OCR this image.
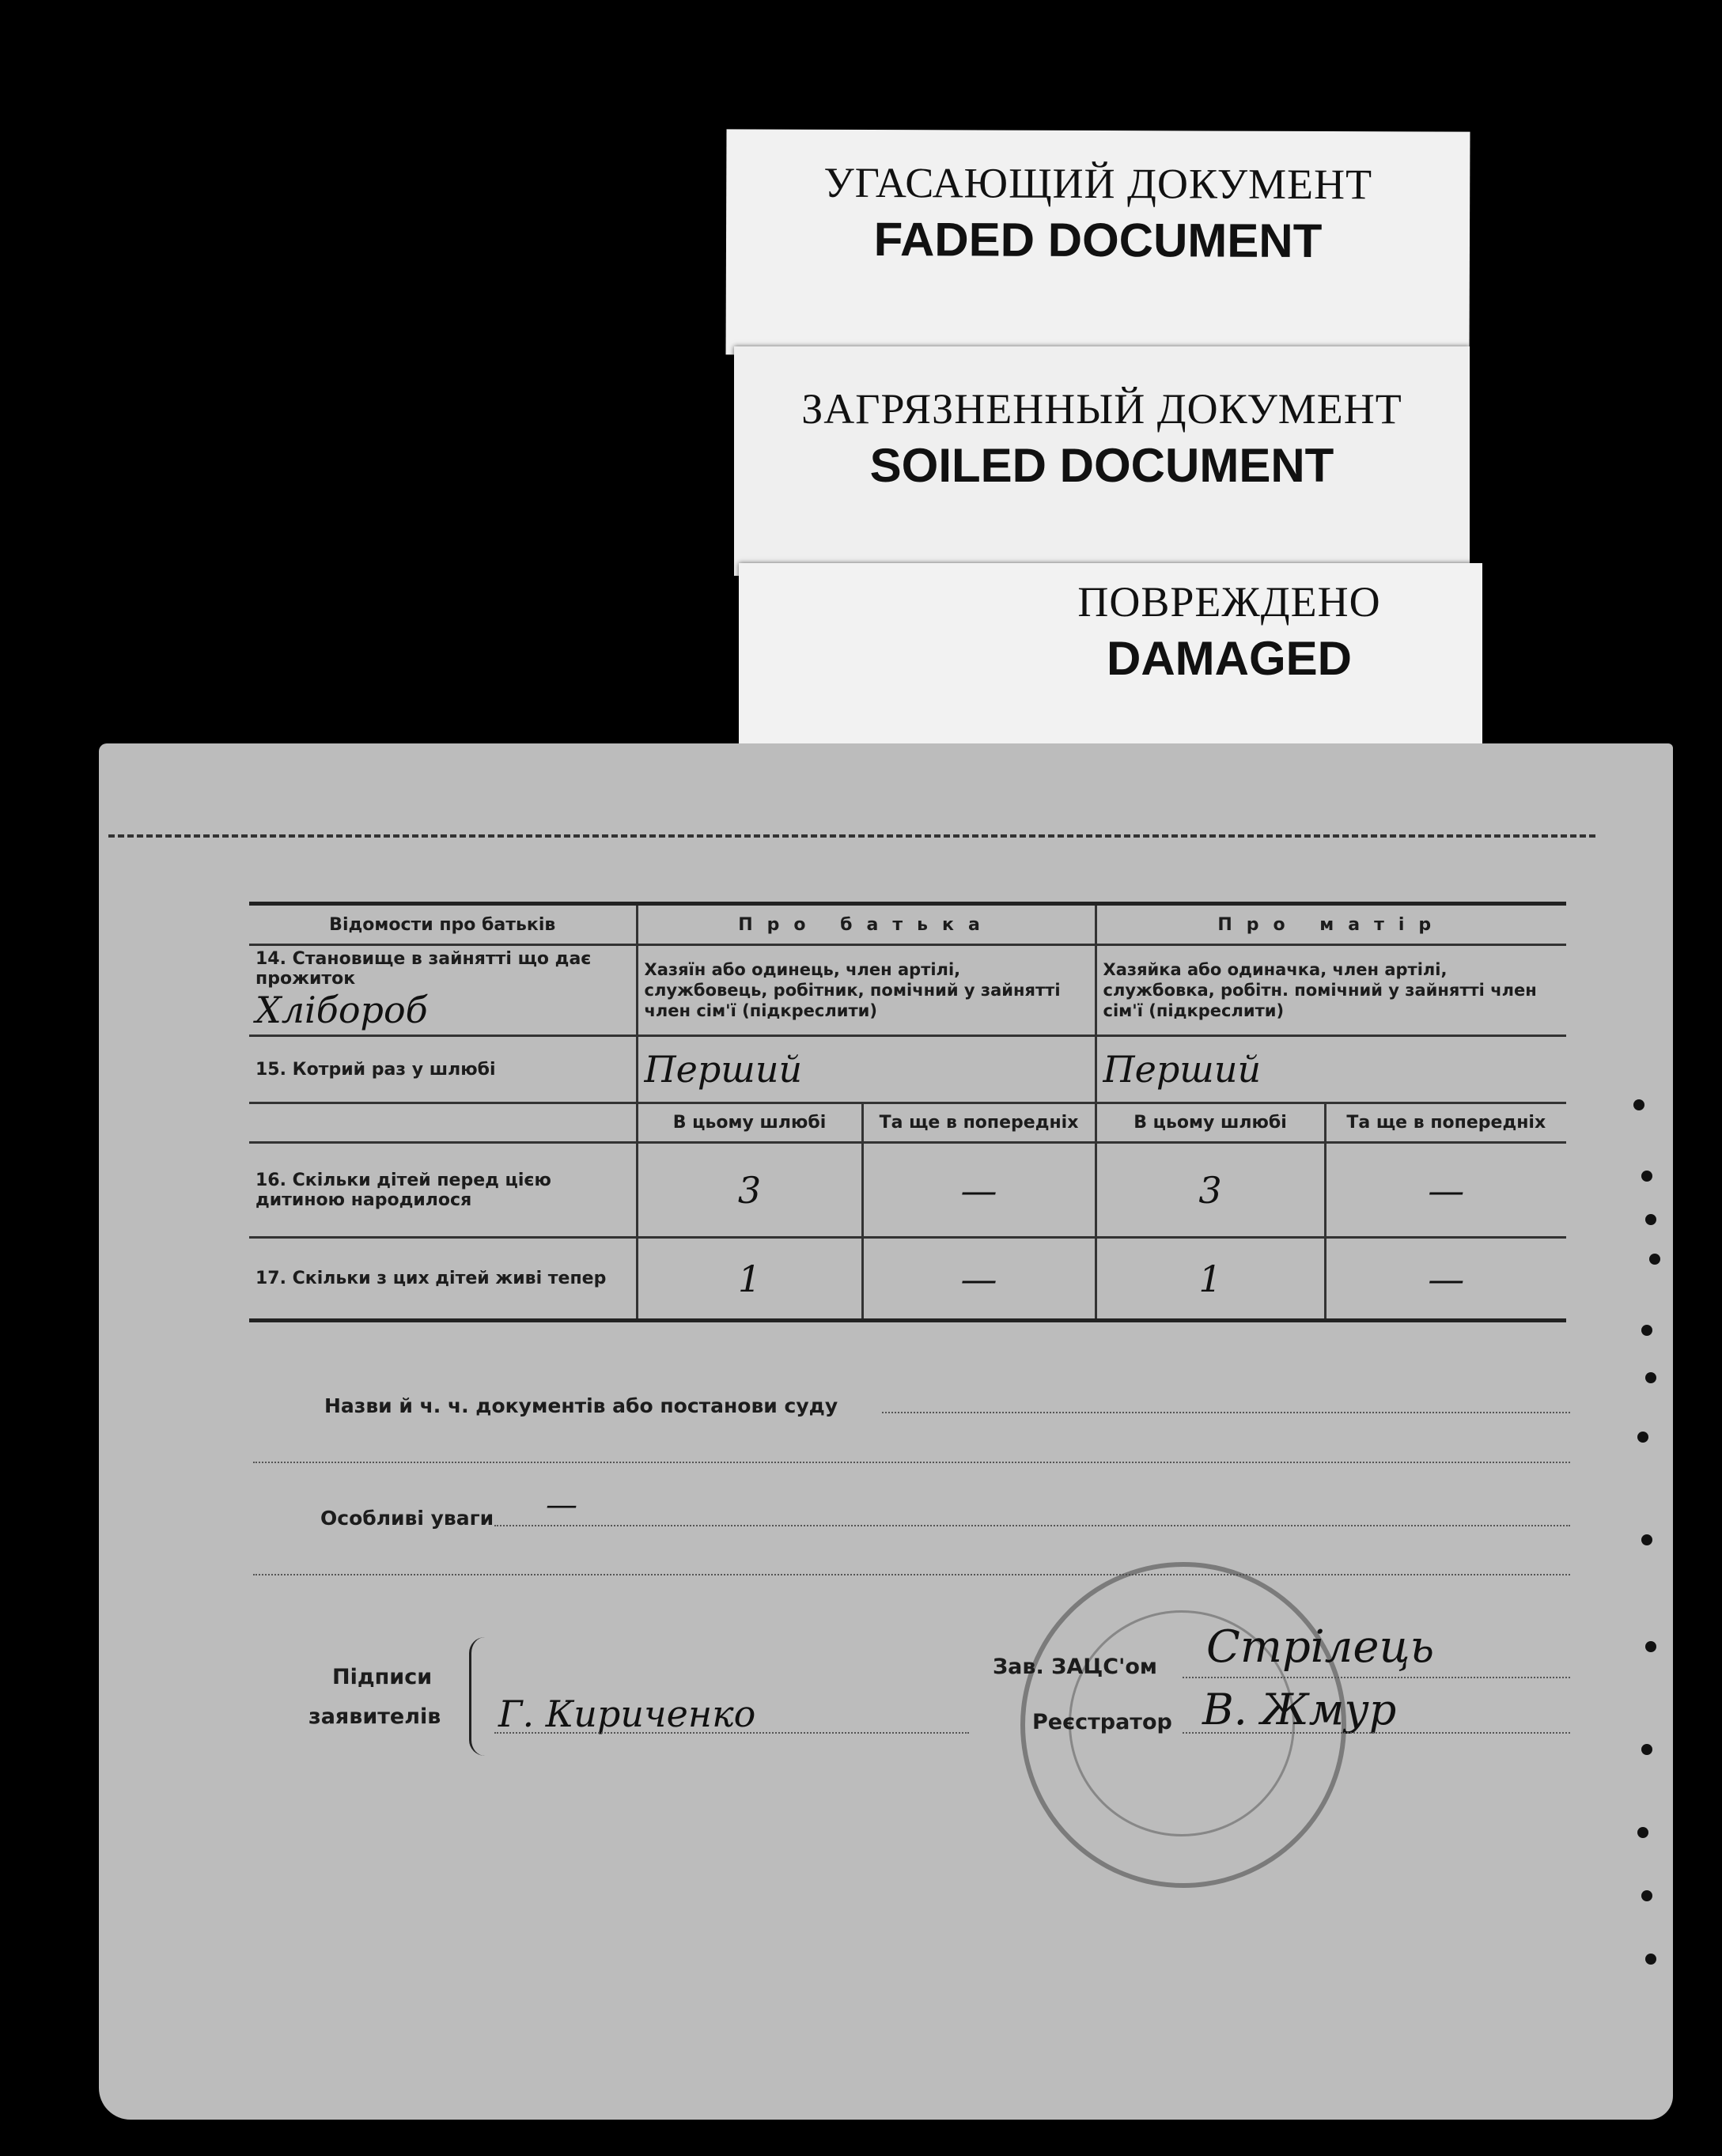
УГАСАЮЩИЙ ДОКУМЕНТ
FADED DOCUMENT
ЗАГРЯЗНЕННЫЙ ДОКУМЕНТ
SOILED DOCUMENT
ПОВРЕЖДЕНО
DAMAGED
Відомости про батьків	Про батька		Про матір	
14. Становище в зайнятті що дає прожиток
Хлібороб	Хазяїн або одинець, член артілі, службовець, робітник, помічний у зайнятті член сім'ї (підкреслити)		Хазяйка або одиначка, член артілі, службовка, робітн. помічний у зайнятті член сім'ї (підкреслити)	
15. Котрий раз у шлюбі	Перший		Перший	
	В цьому шлюбі	Та ще в попередніх	В цьому шлюбі	Та ще в попередніх
16. Скільки дітей перед цією дитиною народилося	3	—	3	—
17. Скільки з цих дітей живі тепер	1	—	1	—
Назви й ч. ч. документів або постанови суду
Особливі уваги —
Підписи
заявителів Г. Кириченко
Зав. ЗАЦС'ом Стрілець
Реєстратор В. Жмур
